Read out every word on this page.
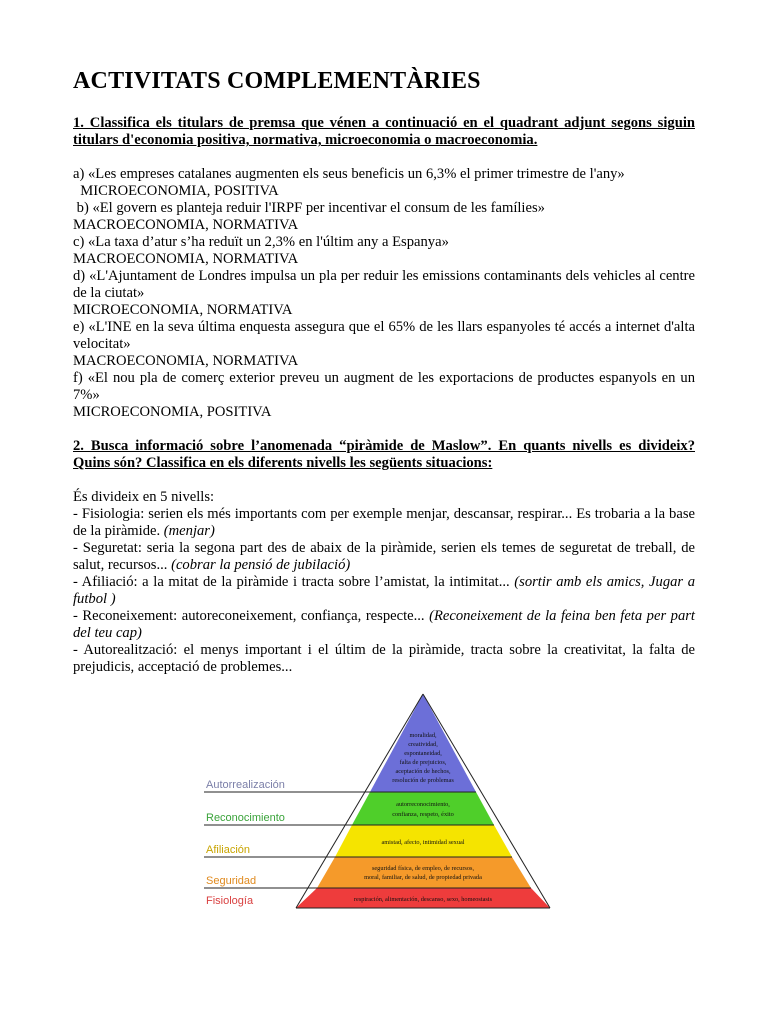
ACTIVITATS COMPLEMENTÀRIES

1. Classifica els titulars de premsa que vénen a continuació en el quadrant adjunt segons siguin titulars d'economia positiva, normativa, microeconomia o macroeconomia.

a) «Les empreses catalanes augmenten els seus beneficis un 6,3% el primer trimestre de l'any»

MICROECONOMIA, POSITIVA

b) «El govern es planteja reduir l'IRPF per incentivar el consum de les famílies»

MACROECONOMIA, NORMATIVA

c) «La taxa d’atur s’ha reduït un 2,3% en l'últim any a Espanya»

MACROECONOMIA, NORMATIVA

d) «L'Ajuntament de Londres impulsa un pla per reduir les emissions contaminants dels vehicles al centre de la ciutat»

MICROECONOMIA, NORMATIVA

e) «L'INE en la seva última enquesta assegura que el 65% de les llars espanyoles té accés a internet d'alta velocitat»

MACROECONOMIA, NORMATIVA

f) «El nou pla de comerç exterior preveu un augment de les exportacions de productes espanyols en un 7%»

MICROECONOMIA, POSITIVA

2. Busca informació sobre l’anomenada “piràmide de Maslow”. En quants nivells es divideix? Quins són? Classifica en els diferents nivells les següents situacions:

És divideix en 5 nivells:

- Fisiologia: serien els més importants com per exemple menjar, descansar, respirar... Es trobaria a la base de la piràmide. (menjar)

- Seguretat: seria la segona part des de abaix de la piràmide, serien els temes de seguretat de treball, de salut, recursos... (cobrar la pensió de jubilació)

- Afiliació: a la mitat de la piràmide i tracta sobre l’amistat, la intimitat... (sortir amb els amics, Jugar a futbol )

- Reconeixement: autoreconeixement, confiança, respecte... (Reconeixement de la feina ben feta per part del teu cap)

- Autorealització: el menys important i el últim de la piràmide, tracta sobre la creativitat, la falta de prejudicis, acceptació de problemes...

Autorrealización
Reconocimiento
Afiliación
Seguridad
Fisiología
moralidad,
creatividad,
espontaneidad,
falta de prejuicios,
aceptación de hechos,
resolución de problemas
autorreconocimiento,
confianza, respeto, éxito
amistad, afecto, intimidad sexual
seguridad física, de empleo, de recursos,
moral, familiar, de salud, de propiedad privada
respiración, alimentación, descanso, sexo, homeostasis
